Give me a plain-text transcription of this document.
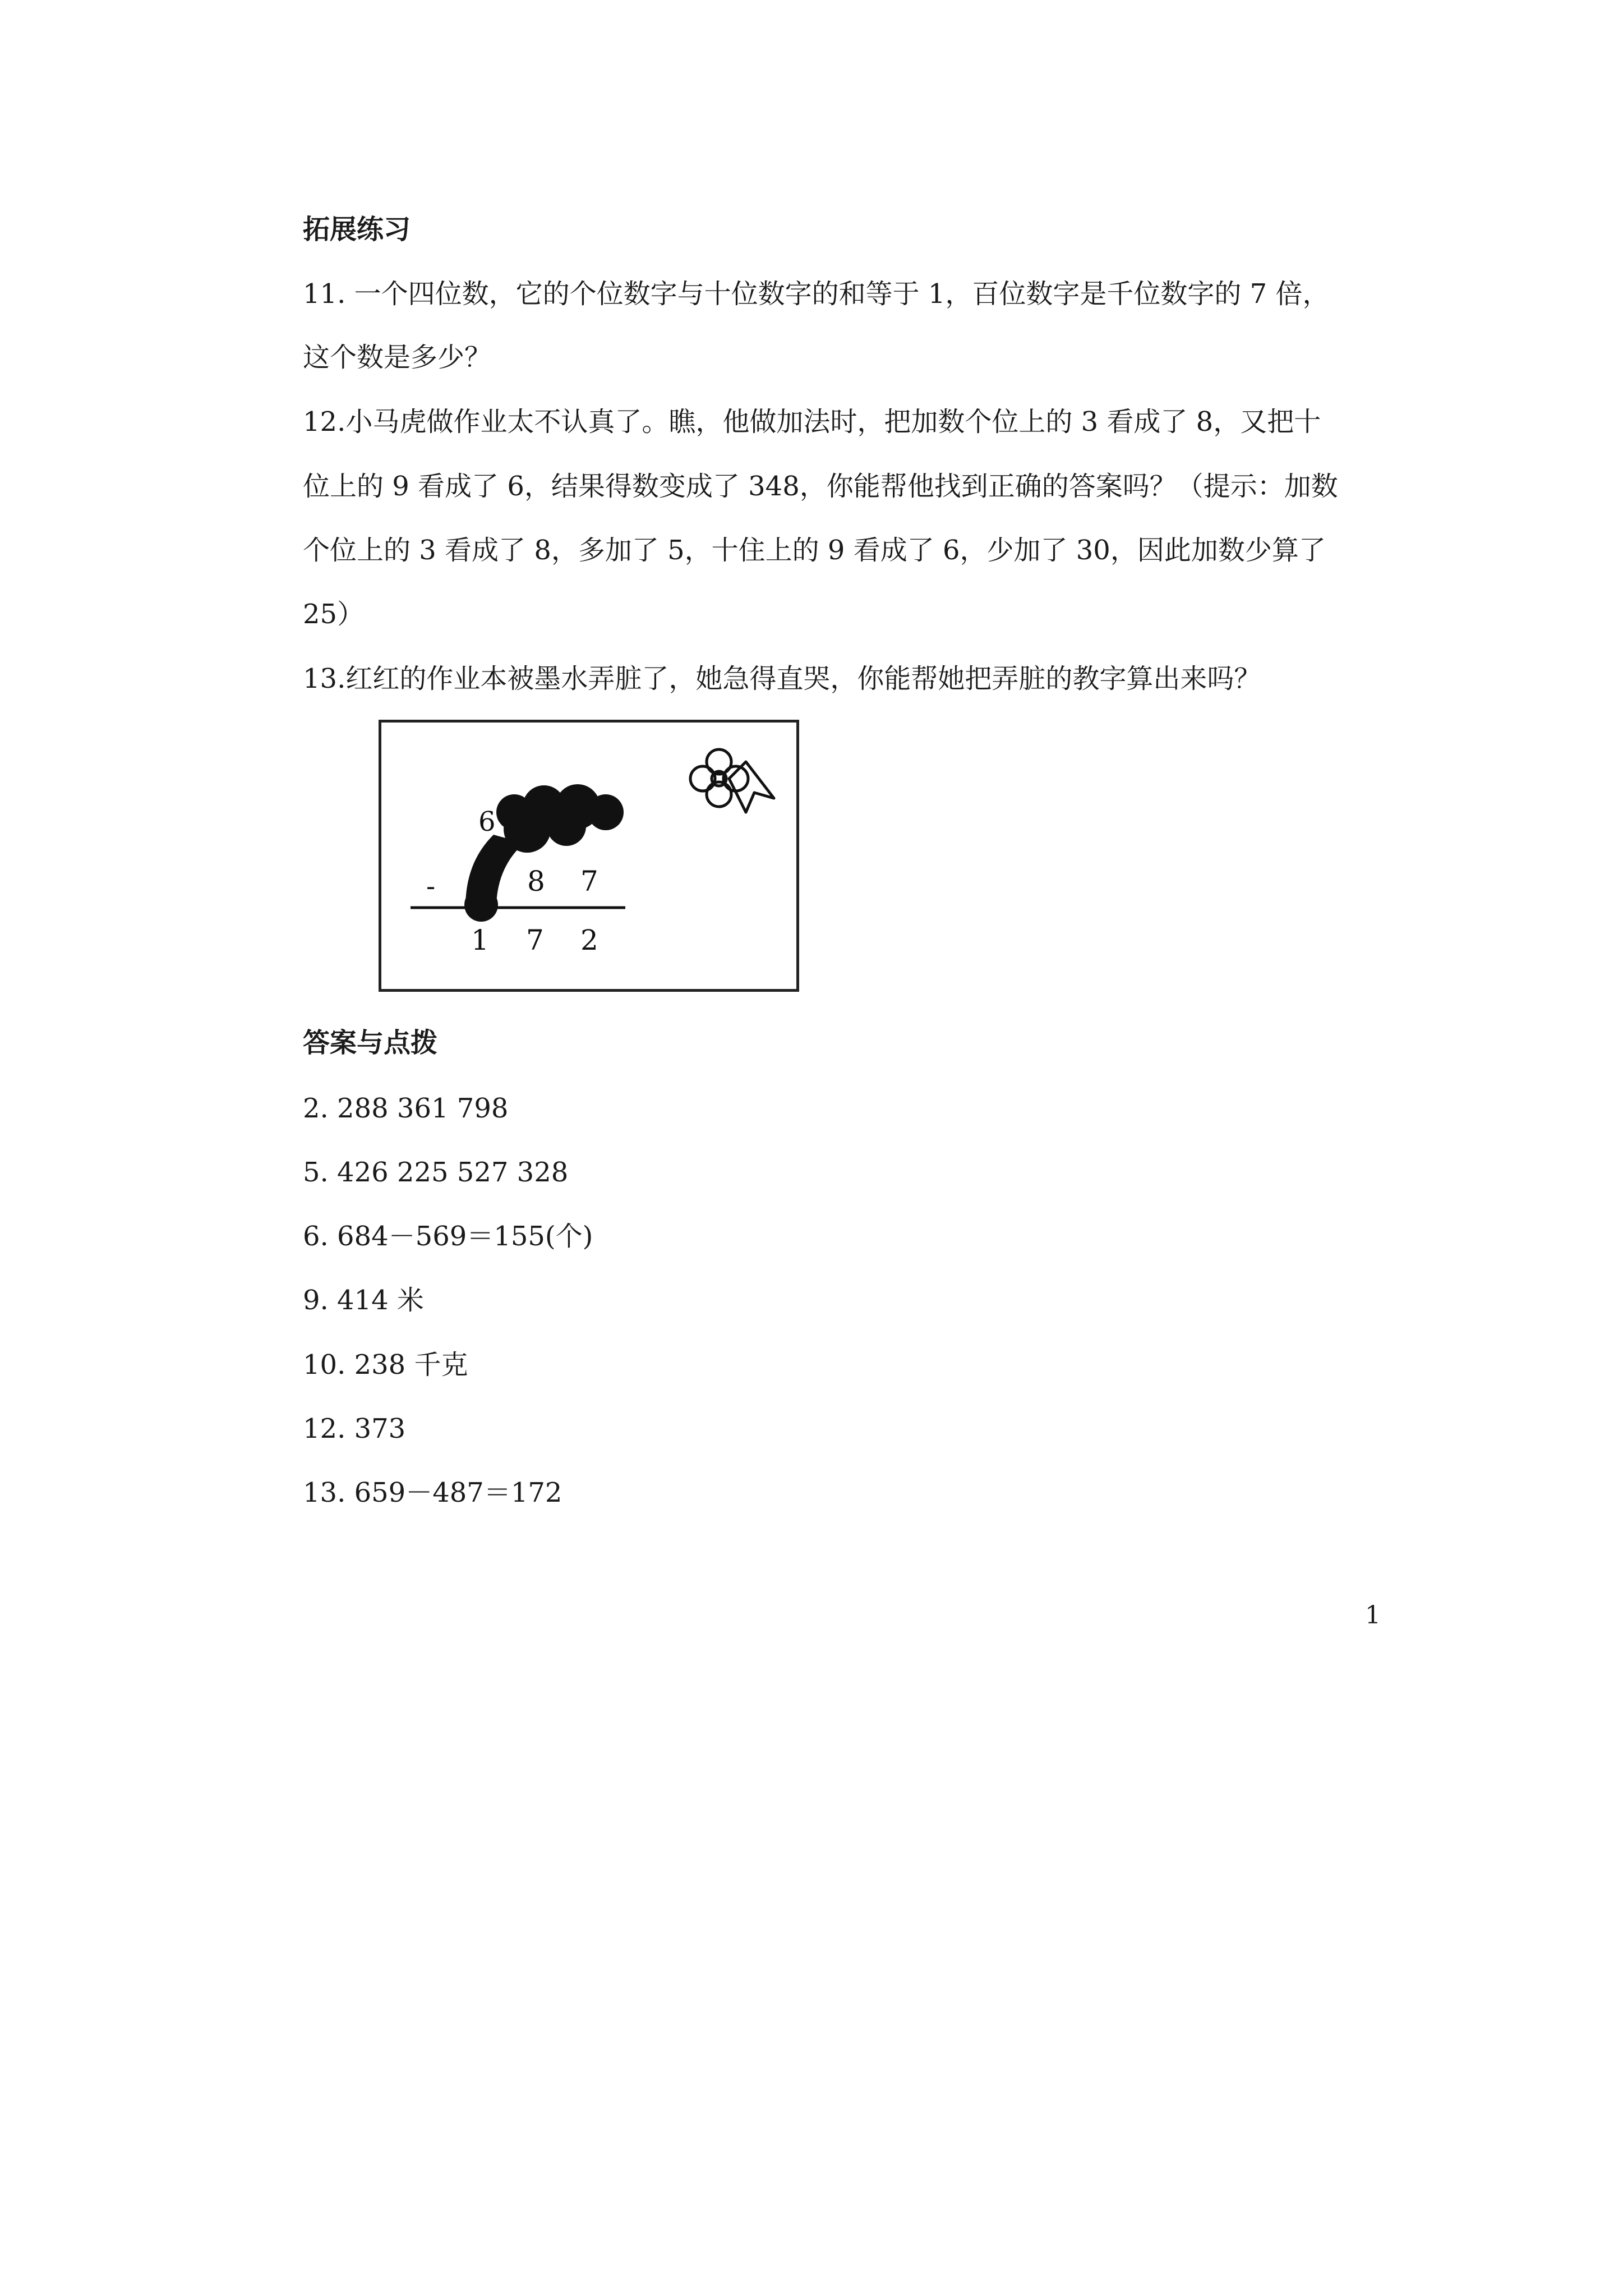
拓展练习
11. 一个四位数，它的个位数字与十位数字的和等于 1，百位数字是千位数字的 7 倍，
这个数是多少？
12.小马虎做作业太不认真了。瞧，他做加法时，把加数个位上的 3 看成了 8，又把十
位上的 9 看成了 6，结果得数变成了 348，你能帮他找到正确的答案吗？（提示：加数
个位上的 3 看成了 8，多加了 5，十住上的 9 看成了 6，少加了 30，因此加数少算了
25）
13.红红的作业本被墨水弄脏了，她急得直哭，你能帮她把弄脏的教字算出来吗？
6
-	8 7
1 7 2
答案与点拨
2. 288 361 798
5. 426 225 527 328
6. 684－569＝155(个)
9. 414 米
10. 238 千克
12. 373
13. 659－487＝172
1
